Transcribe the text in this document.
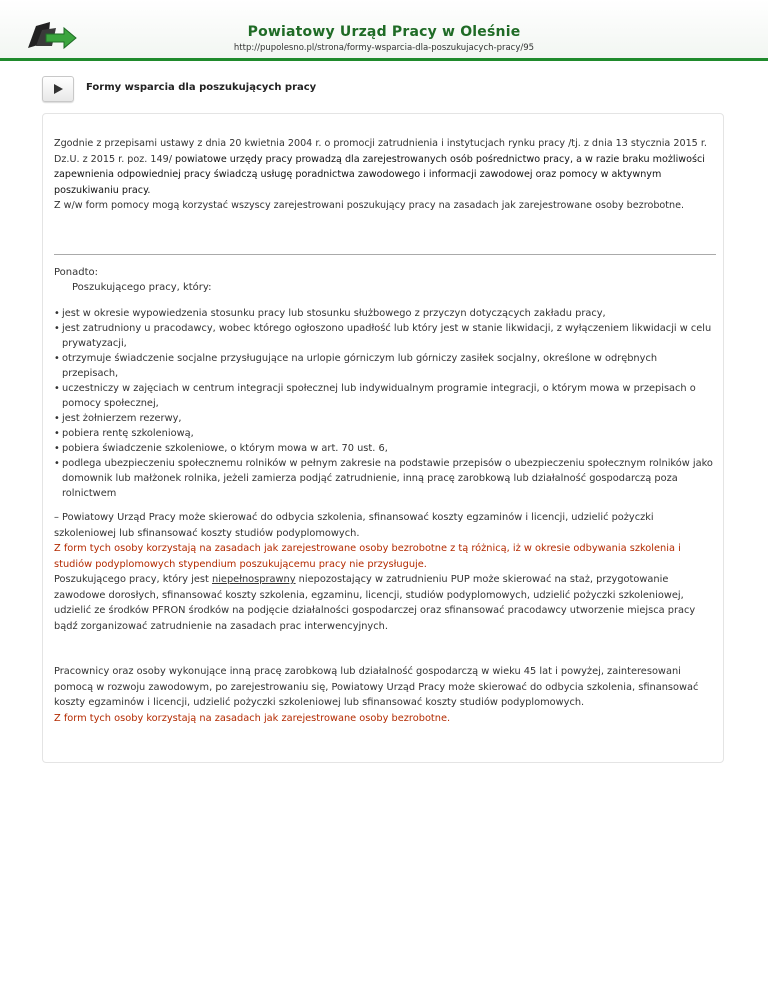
Powiatowy Urząd Pracy w Oleśnie
http://pupolesno.pl/strona/formy-wsparcia-dla-poszukujacych-pracy/95
Formy wsparcia dla poszukujących pracy

Zgodnie z przepisami ustawy z dnia 20 kwietnia 2004 r. o promocji zatrudnienia i instytucjach rynku pracy /tj. z dnia 13 stycznia 2015 r. Dz.U. z 2015 r. poz. 149/ powiatowe urzędy pracy prowadzą dla zarejestrowanych osób pośrednictwo pracy, a w razie braku możliwości zapewnienia odpowiedniej pracy świadczą usługę poradnictwa zawodowego i informacji zawodowej oraz pomocy w aktywnym poszukiwaniu pracy.
Z w/w form pomocy mogą korzystać wszyscy zarejestrowani poszukujący pracy na zasadach jak zarejestrowane osoby bezrobotne.

Ponadto:

Poszukującego pracy, który:

• jest w okresie wypowiedzenia stosunku pracy lub stosunku służbowego z przyczyn dotyczących zakładu pracy,
• jest zatrudniony u pracodawcy, wobec którego ogłoszono upadłość lub który jest w stanie likwidacji, z wyłączeniem likwidacji w celu prywatyzacji,
• otrzymuje świadczenie socjalne przysługujące na urlopie górniczym lub górniczy zasiłek socjalny, określone w odrębnych przepisach,
• uczestniczy w zajęciach w centrum integracji społecznej lub indywidualnym programie integracji, o którym mowa w przepisach o pomocy społecznej,
• jest żołnierzem rezerwy,
• pobiera rentę szkoleniową,
• pobiera świadczenie szkoleniowe, o którym mowa w art. 70 ust. 6,
• podlega ubezpieczeniu społecznemu rolników w pełnym zakresie na podstawie przepisów o ubezpieczeniu społecznym rolników jako domownik lub małżonek rolnika, jeżeli zamierza podjąć zatrudnienie, inną pracę zarobkową lub działalność gospodarczą poza rolnictwem

– Powiatowy Urząd Pracy może skierować do odbycia szkolenia, sfinansować koszty egzaminów i licencji, udzielić pożyczki szkoleniowej lub sfinansować koszty studiów podyplomowych.
Z form tych osoby korzystają na zasadach jak zarejestrowane osoby bezrobotne z tą różnicą, iż w okresie odbywania szkolenia i studiów podyplomowych stypendium poszukującemu pracy nie przysługuje.
Poszukującego pracy, który jest niepełnosprawny niepozostający w zatrudnieniu PUP może skierować na staż, przygotowanie zawodowe dorosłych, sfinansować koszty szkolenia, egzaminu, licencji, studiów podyplomowych, udzielić pożyczki szkoleniowej, udzielić ze środków PFRON środków na podjęcie działalności gospodarczej oraz sfinansować pracodawcy utworzenie miejsca pracy bądź zorganizować zatrudnienie na zasadach prac interwencyjnych.

Pracownicy oraz osoby wykonujące inną pracę zarobkową lub działalność gospodarczą w wieku 45 lat i powyżej, zainteresowani pomocą w rozwoju zawodowym, po zarejestrowaniu się, Powiatowy Urząd Pracy może skierować do odbycia szkolenia, sfinansować koszty egzaminów i licencji, udzielić pożyczki szkoleniowej lub sfinansować koszty studiów podyplomowych.
Z form tych osoby korzystają na zasadach jak zarejestrowane osoby bezrobotne.
